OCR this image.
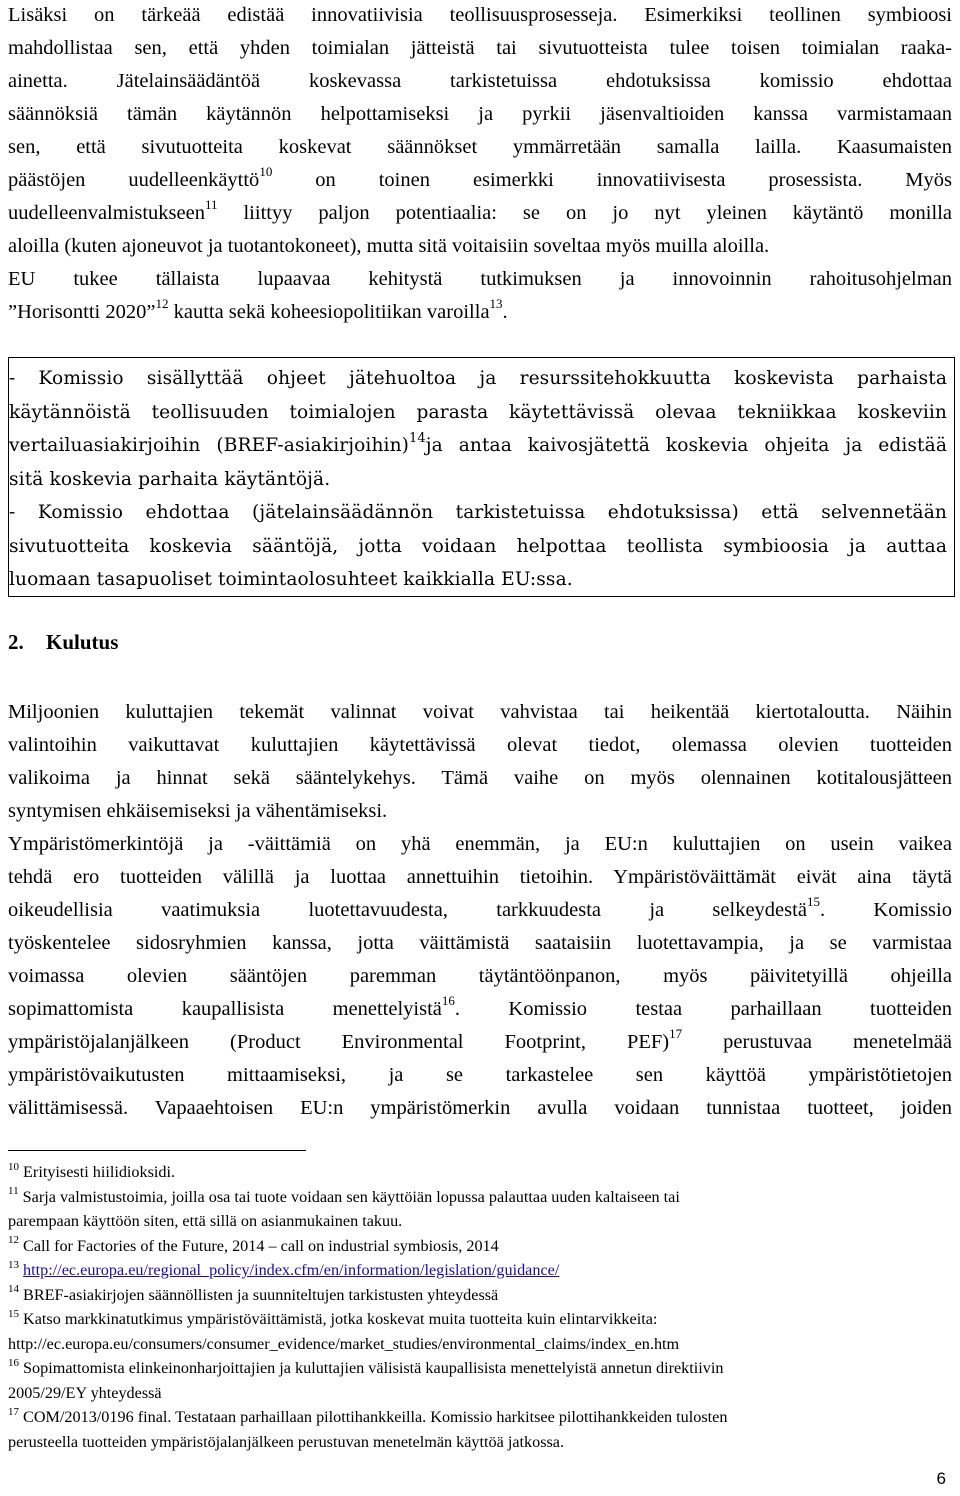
Lisäksi on tärkeää edistää innovatiivisia teollisuusprosesseja. Esimerkiksi teollinen symbioosi
mahdollistaa sen, että yhden toimialan jätteistä tai sivutuotteista tulee toisen toimialan raaka-
ainetta. Jätelainsäädäntöä koskevassa tarkistetuissa ehdotuksissa komissio ehdottaa
säännöksiä tämän käytännön helpottamiseksi ja pyrkii jäsenvaltioiden kanssa varmistamaan
sen, että sivutuotteita koskevat säännökset ymmärretään samalla lailla. Kaasumaisten
päästöjen uudelleenkäyttö$^{10}$ on toinen esimerkki innovatiivisesta prosessista. Myös
uudelleenvalmistukseen$^{11}$ liittyy paljon potentiaalia: se on jo nyt yleinen käytäntö monilla
aloilla (kuten ajoneuvot ja tuotantokoneet), mutta sitä voitaisiin soveltaa myös muilla aloilla.
EU tukee tällaista lupaavaa kehitystä tutkimuksen ja innovoinnin rahoitusohjelman
”Horisontti 2020”$^{12}$ kautta sekä koheesiopolitiikan varoilla$^{13}$.
- Komissio sisällyttää ohjeet jätehuoltoa ja resurssitehokkuutta koskevista parhaista
käytännöistä teollisuuden toimialojen parasta käytettävissä olevaa tekniikkaa koskeviin
vertailuasiakirjoihin (BREF-asiakirjoihin)$^{14}$ja antaa kaivosjätettä koskevia ohjeita ja edistää
sitä koskevia parhaita käytäntöjä.
- Komissio ehdottaa (jätelainsäädännön tarkistetuissa ehdotuksissa) että selvennetään
sivutuotteita koskevia sääntöjä, jotta voidaan helpottaa teollista symbioosia ja auttaa
luomaan tasapuoliset toimintaolosuhteet kaikkialla EU:ssa.
2. Kulutus
Miljoonien kuluttajien tekemät valinnat voivat vahvistaa tai heikentää kiertotaloutta. Näihin
valintoihin vaikuttavat kuluttajien käytettävissä olevat tiedot, olemassa olevien tuotteiden
valikoima ja hinnat sekä sääntelykehys. Tämä vaihe on myös olennainen kotitalousjätteen
syntymisen ehkäisemiseksi ja vähentämiseksi.
Ympäristömerkintöjä ja -väittämiä on yhä enemmän, ja EU:n kuluttajien on usein vaikea
tehdä ero tuotteiden välillä ja luottaa annettuihin tietoihin. Ympäristöväittämät eivät aina täytä
oikeudellisia vaatimuksia luotettavuudesta, tarkkuudesta ja selkeydestä$^{15}$. Komissio
työskentelee sidosryhmien kanssa, jotta väittämistä saataisiin luotettavampia, ja se varmistaa
voimassa olevien sääntöjen paremman täytäntöönpanon, myös päivitetyillä ohjeilla
sopimattomista kaupallisista menettelyistä$^{16}$. Komissio testaa parhaillaan tuotteiden
ympäristöjalanjälkeen (Product Environmental Footprint, PEF)$^{17}$ perustuvaa menetelmää
ympäristövaikutusten mittaamiseksi, ja se tarkastelee sen käyttöä ympäristötietojen
välittämisessä. Vapaaehtoisen EU:n ympäristömerkin avulla voidaan tunnistaa tuotteet, joiden

$^{10}$ Erityisesti hiilidioksidi.

$^{11}$ Sarja valmistustoimia, joilla osa tai tuote voidaan sen käyttöiän lopussa palauttaa uuden kaltaiseen tai
parempaan käyttöön siten, että sillä on asianmukainen takuu.

$^{12}$ Call for Factories of the Future, 2014 – call on industrial symbiosis, 2014

$^{13}$ http://ec.europa.eu/regional_policy/index.cfm/en/information/legislation/guidance/

$^{14}$ BREF-asiakirjojen säännöllisten ja suunniteltujen tarkistusten yhteydessä

$^{15}$ Katso markkinatutkimus ympäristöväittämistä, jotka koskevat muita tuotteita kuin elintarvikkeita:
http://ec.europa.eu/consumers/consumer_evidence/market_studies/environmental_claims/index_en.htm

$^{16}$ Sopimattomista elinkeinonharjoittajien ja kuluttajien välisistä kaupallisista menettelyistä annetun direktiivin
2005/29/EY yhteydessä

$^{17}$ COM/2013/0196 final. Testataan parhaillaan pilottihankkeilla. Komissio harkitsee pilottihankkeiden tulosten
perusteella tuotteiden ympäristöjalanjälkeen perustuvan menetelmän käyttöä jatkossa.

6
